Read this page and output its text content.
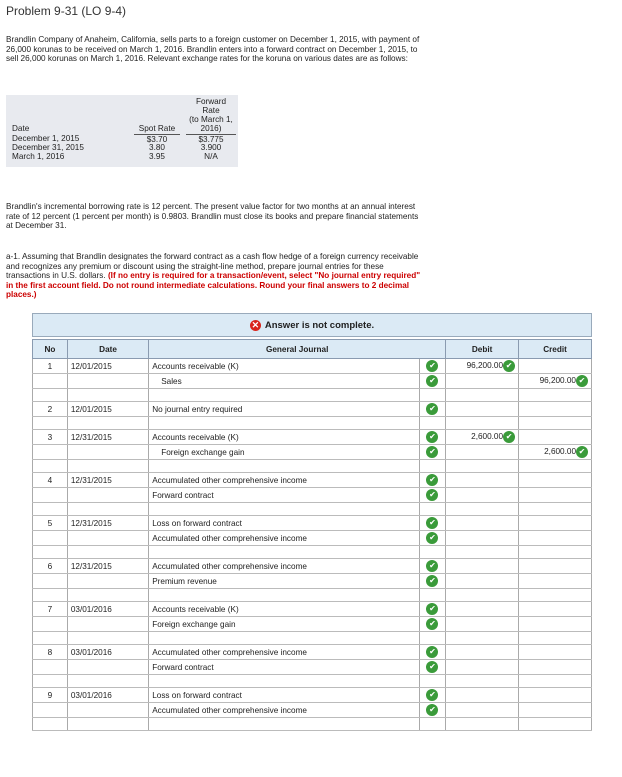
Problem 9-31 (LO 9-4)
Brandlin Company of Anaheim, California, sells parts to a foreign customer on December 1, 2015, with payment of 26,000 korunas to be received on March 1, 2016. Brandlin enters into a forward contract on December 1, 2015, to sell 26,000 korunas on March 1, 2016. Relevant exchange rates for the koruna on various dates are as follows:
Forward
Rate
(to March 1,
Date	Spot Rate	2016)
December 1, 2015	$3.70	$3.775
December 31, 2015	3.80	3.900
March 1, 2016	3.95	N/A
Brandlin's incremental borrowing rate is 12 percent. The present value factor for two months at an annual interest rate of 12 percent (1 percent per month) is 0.9803. Brandlin must close its books and prepare financial statements at December 31.
a-1. Assuming that Brandlin designates the forward contract as a cash flow hedge of a foreign currency receivable and recognizes any premium or discount using the straight-line method, prepare journal entries for these transactions in U.S. dollars. (If no entry is required for a transaction/event, select "No journal entry required" in the first account field. Do not round intermediate calculations. Round your final answers to 2 decimal places.)
✕ Answer is not complete.
No	Date	General Journal		Debit	Credit
1	12/01/2015	Accounts receivable (K)	✔	96,200.00 ✔	
		Sales	✔		96,200.00 ✔

2	12/01/2015	No journal entry required	✔		

3	12/31/2015	Accounts receivable (K)	✔	2,600.00 ✔	
		Foreign exchange gain	✔		2,600.00 ✔

4	12/31/2015	Accumulated other comprehensive income	✔		
		Forward contract	✔		

5	12/31/2015	Loss on forward contract	✔		
		Accumulated other comprehensive income	✔		

6	12/31/2015	Accumulated other comprehensive income	✔		
		Premium revenue	✔		

7	03/01/2016	Accounts receivable (K)	✔		
		Foreign exchange gain	✔		

8	03/01/2016	Accumulated other comprehensive income	✔		
		Forward contract	✔		

9	03/01/2016	Loss on forward contract	✔		
		Accumulated other comprehensive income	✔		
